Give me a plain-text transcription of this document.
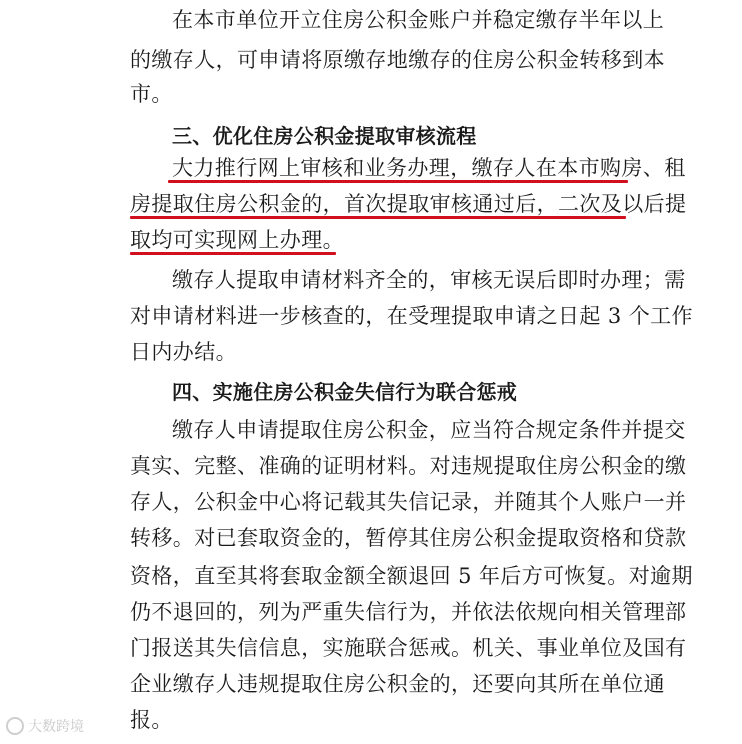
在本市单位开立住房公积金账户并稳定缴存半年以上
的缴存人，可申请将原缴存地缴存的住房公积金转移到本
市。
三、优化住房公积金提取审核流程
大力推行网上审核和业务办理，缴存人在本市购房、租
房提取住房公积金的，首次提取审核通过后，二次及以后提
取均可实现网上办理。
缴存人提取申请材料齐全的，审核无误后即时办理；需
对申请材料进一步核查的，在受理提取申请之日起 3 个工作
日内办结。
四、实施住房公积金失信行为联合惩戒
缴存人申请提取住房公积金，应当符合规定条件并提交
真实、完整、准确的证明材料。对违规提取住房公积金的缴
存人，公积金中心将记载其失信记录，并随其个人账户一并
转移。对已套取资金的，暂停其住房公积金提取资格和贷款
资格，直至其将套取金额全额退回 5 年后方可恢复。对逾期
仍不退回的，列为严重失信行为，并依法依规向相关管理部
门报送其失信信息，实施联合惩戒。机关、事业单位及国有
企业缴存人违规提取住房公积金的，还要向其所在单位通
报。
大数跨境
